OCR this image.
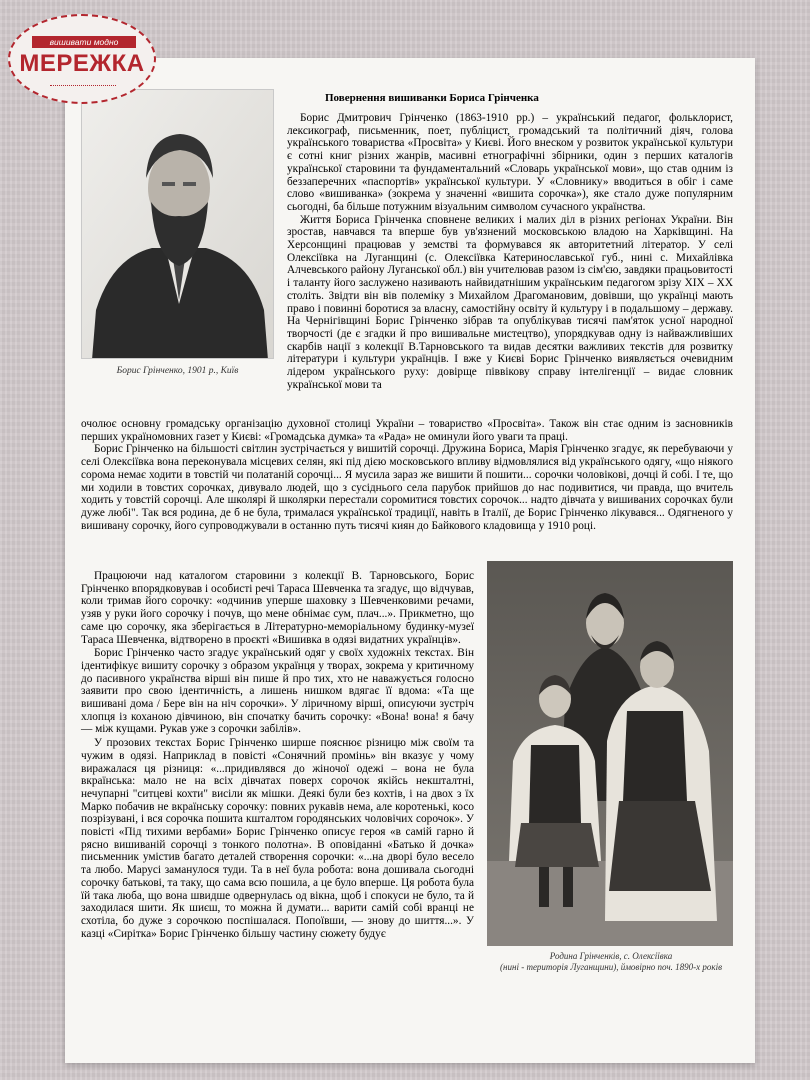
вишивати модно
МЕРЕЖКА
Повернення вишиванки Бориса Грінченка
Борис Грінченко, 1901 р., Київ

Борис Дмитрович Грінченко (1863-1910 рр.) – український педагог, фольклорист, лексикограф, письменник, поет, публіцист, громадський та політичний діяч, голова українського товариства «Просвіта» у Києві. Його внеском у розвиток української культури є сотні книг різних жанрів, масивні етнографічні збірники, один з перших каталогів української старовини та фундаментальний «Словарь української мови», що став одним із беззаперечних «паспортів» української культури. У «Словнику» вводиться в обіг і саме слово «вишиванка» (зокрема у значенні «вишита сорочка»), яке стало дуже популярним сьогодні, ба більше потужним візуальним символом сучасного українства.

Життя Бориса Грінченка сповнене великих і малих діл в різних регіонах України. Він зростав, навчався та вперше був ув'язнений московською владою на Харківщині. На Херсонщині працював у земстві та формувався як авторитетний літератор. У селі Олексіївка на Луганщині (с. Олексіївка Катеринославської губ., нині с. Михайлівка Алчевського району Луганської обл.) він учителював разом із сім'єю, завдяки працьовитості і таланту його заслужено називають найвидатнішим українським педагогом зрізу XIX – XX століть. Звідти він вів полеміку з Михайлом Драгомановим, довівши, що українці мають право і повинні боротися за власну, самостійну освіту й культуру і в подальшому – державу. На Чернігівщині Борис Грінченко зібрав та опублікував тисячі пам'яток усної народної творчості (де є згадки й про вишивальне мистецтво), упорядкував одну із найважливіших скарбів нації з колекції В.Тарновського та видав десятки важливих текстів для розвитку літератури і культури українців. І вже у Києві Борис Грінченко виявляється очевидним лідером українського руху: довірще піввікову справу інтелігенції – видає словник української мови та

очолює основну громадську організацію духовної столиці України – товариство «Просвіта». Також він стає одним із засновників перших україномовних газет у Києві: «Громадська думка» та «Рада» не оминули його уваги та праці.

Борис Грінченко на більшості світлин зустрічається у вишитій сорочці. Дружина Бориса, Марія Грінченко згадує, як перебуваючи у селі Олексіївка вона переконувала місцевих селян, які під дією московського впливу відмовлялися від українського одягу, «що ніякого сорома немає ходити в товстій чи полатаній сорочці... Я мусила зараз же вишити й пошити... сорочки чоловікові, дочці й собі. І те, що ми ходили в товстих сорочках, дивувало людей, що з сусіднього села парубок прийшов до нас подивитися, чи правда, що вчитель ходить у товстій сорочці. Але школярі й школярки перестали соромитися товстих сорочок... надто дівчата у вишиваних сорочках були дуже любі". Так вся родина, де б не була, трималася української традиції, навіть в Італії, де Борис Грінченко лікувався... Одягненого у вишивану сорочку, його супроводжували в останню путь тисячі киян до Байкового кладовища у 1910 році.

Працюючи над каталогом старовини з колекції В. Тарновського, Борис Грінченко впорядковував і особисті речі Тараса Шевченка та згадує, що відчував, коли тримав його сорочку: «одчинив уперше шаховку з Шевченковими речами, узяв у руки його сорочку і почув, що мене обнімає сум, плач...». Прикметно, що саме цю сорочку, яка зберігається в Літературно-меморіальному будинку-музеї Тараса Шевченка, відтворено в проєкті «Вишивка в одязі видатних українців».

Борис Грінченко часто згадує український одяг у своїх художніх текстах. Він ідентифікує вишиту сорочку з образом українця у творах, зокрема у критичному до пасивного українства вірші він пише й про тих, хто не наважується голосно заявити про свою ідентичність, а лишень нишком вдягає її вдома: «Та ще вишивані дома / Бере він на ніч сорочки». У ліричному вірші, описуючи зустріч хлопця із коханою дівчиною, він спочатку бачить сорочку: «Вона! вона! я бачу — між кущами. Рукав уже з сорочки забілів».

У прозових текстах Борис Грінченко ширше пояснює різницю між своїм та чужим в одязі. Наприклад в повісті «Сонячний промінь» він вказує у чому виражалася ця різниця: «...придивлявся до жіночої одежі – вона не була вкраїнська: мало не на всіх дівчатах поверх сорочок якійсь некшталтні, нечупарні "ситцеві кохти" висіли як мішки. Деякі були без кохтів, і на двох з їх Марко побачив не вкраїнську сорочку: повних рукавів нема, але коротенькі, косо позрізувані, і вся сорочка пошита кшталтом городянських чоловічих сорочок». У повісті «Під тихими вербами» Борис Грінченко описує героя «в самій гарно й рясно вишиваній сорочці з тонкого полотна». В оповіданні «Батько й дочка» письменник умістив багато деталей створення сорочки: «...на дворі було весело та любо. Марусі заманулося туди. Та в неї була робота: вона дошивала сьогодні сорочку батькові, та таку, що сама всю пошила, а це було вперше. Ця робота була їй така люба, що вона швидше одвернулась од вікна, щоб і спокуси не було, та й заходилася шити. Як шиєш, то можна й думати... варити самій собі вранці не схотіла, бо дуже з сорочкою поспішалася. Попоївши, — знову до шиття...». У казці «Сирітка» Борис Грінченко більшу частину сюжету будує

Родина Грінченків, с. Олексіївка
(нині - територія Луганщини), ймовірно поч. 1890-х років
